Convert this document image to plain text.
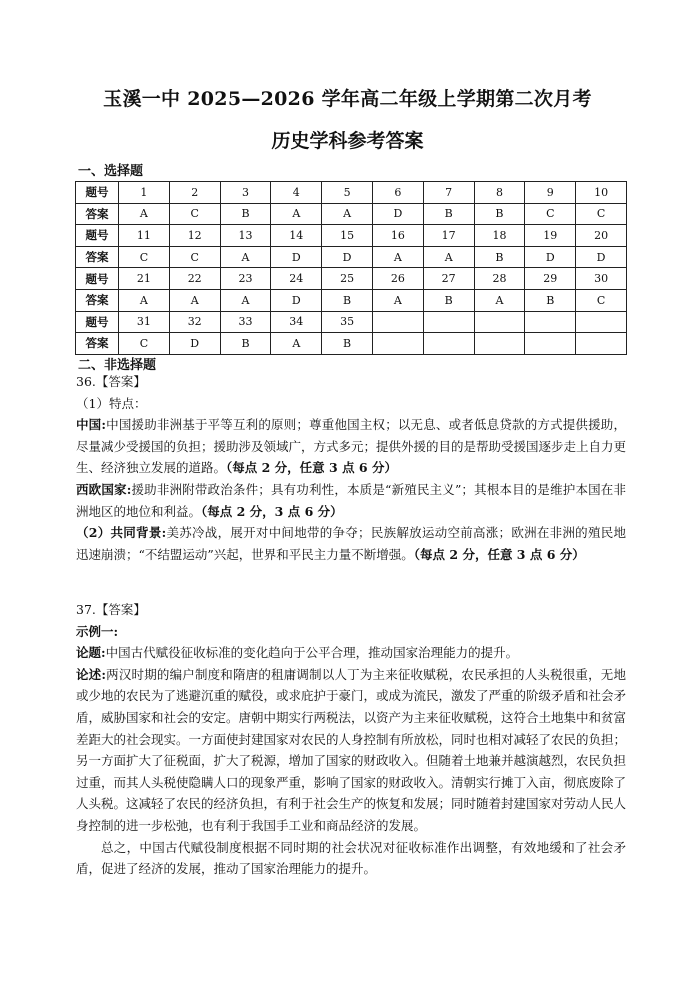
玉溪一中 2025—2026 学年高二年级上学期第二次月考
历史学科参考答案
一、选择题
题号	1	2	3	4	5	6	7	8	9	10
答案	A	C	B	A	A	D	B	B	C	C
题号	11	12	13	14	15	16	17	18	19	20
答案	C	C	A	D	D	A	A	B	D	D
题号	21	22	23	24	25	26	27	28	29	30
答案	A	A	A	D	B	A	B	A	B	C
题号	31	32	33	34	35					
答案	C	D	B	A	B					
二、非选择题

36.【答案】

（1）特点：

中国:中国援助非洲基于平等互利的原则；尊重他国主权；以无息、或者低息贷款的方式提供援助，尽量减少受援国的负担；援助涉及领域广，方式多元；提供外援的目的是帮助受援国逐步走上自力更生、经济独立发展的道路。（每点 2 分，任意 3 点 6 分）

西欧国家:援助非洲附带政治条件；具有功利性，本质是“新殖民主义”；其根本目的是维护本国在非洲地区的地位和利益。（每点 2 分，3 点 6 分）

（2）共同背景:美苏冷战，展开对中间地带的争夺；民族解放运动空前高涨；欧洲在非洲的殖民地迅速崩溃；“不结盟运动”兴起，世界和平民主力量不断增强。（每点 2 分，任意 3 点 6 分）

37.【答案】

示例一:

论题:中国古代赋役征收标准的变化趋向于公平合理，推动国家治理能力的提升。

论述:两汉时期的编户制度和隋唐的租庸调制以人丁为主来征收赋税，农民承担的人头税很重，无地或少地的农民为了逃避沉重的赋役，或求庇护于豪门，或成为流民，激发了严重的阶级矛盾和社会矛盾，威胁国家和社会的安定。唐朝中期实行两税法，以资产为主来征收赋税，这符合土地集中和贫富差距大的社会现实。一方面使封建国家对农民的人身控制有所放松，同时也相对减轻了农民的负担；另一方面扩大了征税面，扩大了税源，增加了国家的财政收入。但随着土地兼并越演越烈，农民负担过重，而其人头税使隐瞒人口的现象严重，影响了国家的财政收入。清朝实行摊丁入亩，彻底废除了人头税。这减轻了农民的经济负担，有利于社会生产的恢复和发展；同时随着封建国家对劳动人民人身控制的进一步松弛，也有利于我国手工业和商品经济的发展。

总之，中国古代赋役制度根据不同时期的社会状况对征收标准作出调整，有效地缓和了社会矛盾，促进了经济的发展，推动了国家治理能力的提升。
